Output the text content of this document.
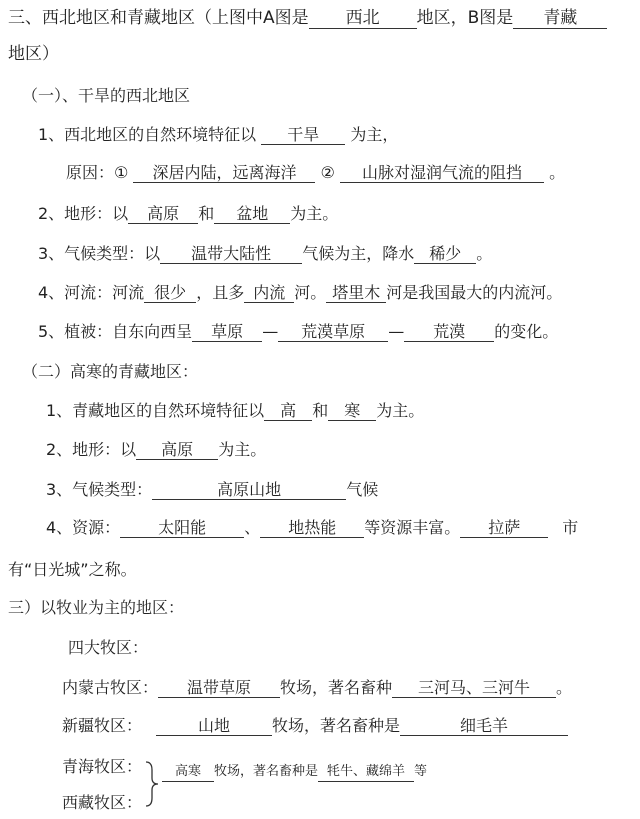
三、西北地区和青藏地区（上图中A图是 西北 地区，B图是 青藏
地区）
（一）、干旱的西北地区
1、西北地区的自然环境特征以 干旱 为主，
原因：① 深居内陆，远离海洋 ② 山脉对湿润气流的阻挡 。
2、地形：以 高原 和 盆地 为主。
3、气候类型：以 温带大陆性 气候为主，降水 稀少 。
4、河流：河流 很少 ，且多 内流 河。 塔里木 河是我国最大的内流河。
5、植被：自东向西呈 草原 — 荒漠草原 — 荒漠 的变化。
（二）高寒的青藏地区：
1、青藏地区的自然环境特征以 高 和 寒 为主。
2、地形：以 高原 为主。
3、气候类型：	高原山地	气候
4、资源： 太阳能 、 地热能 等资源丰富。 拉萨	市
有“日光城”之称。
三）以牧业为主的地区：
四大牧区：
内蒙古牧区： 温带草原 牧场，著名畜种 三河马、三河牛 。
新疆牧区：	山地	牧场，著名畜种是	细毛羊
青海牧区：	高寒 牧场，著名畜种是 牦牛、藏绵羊 等
西藏牧区：
